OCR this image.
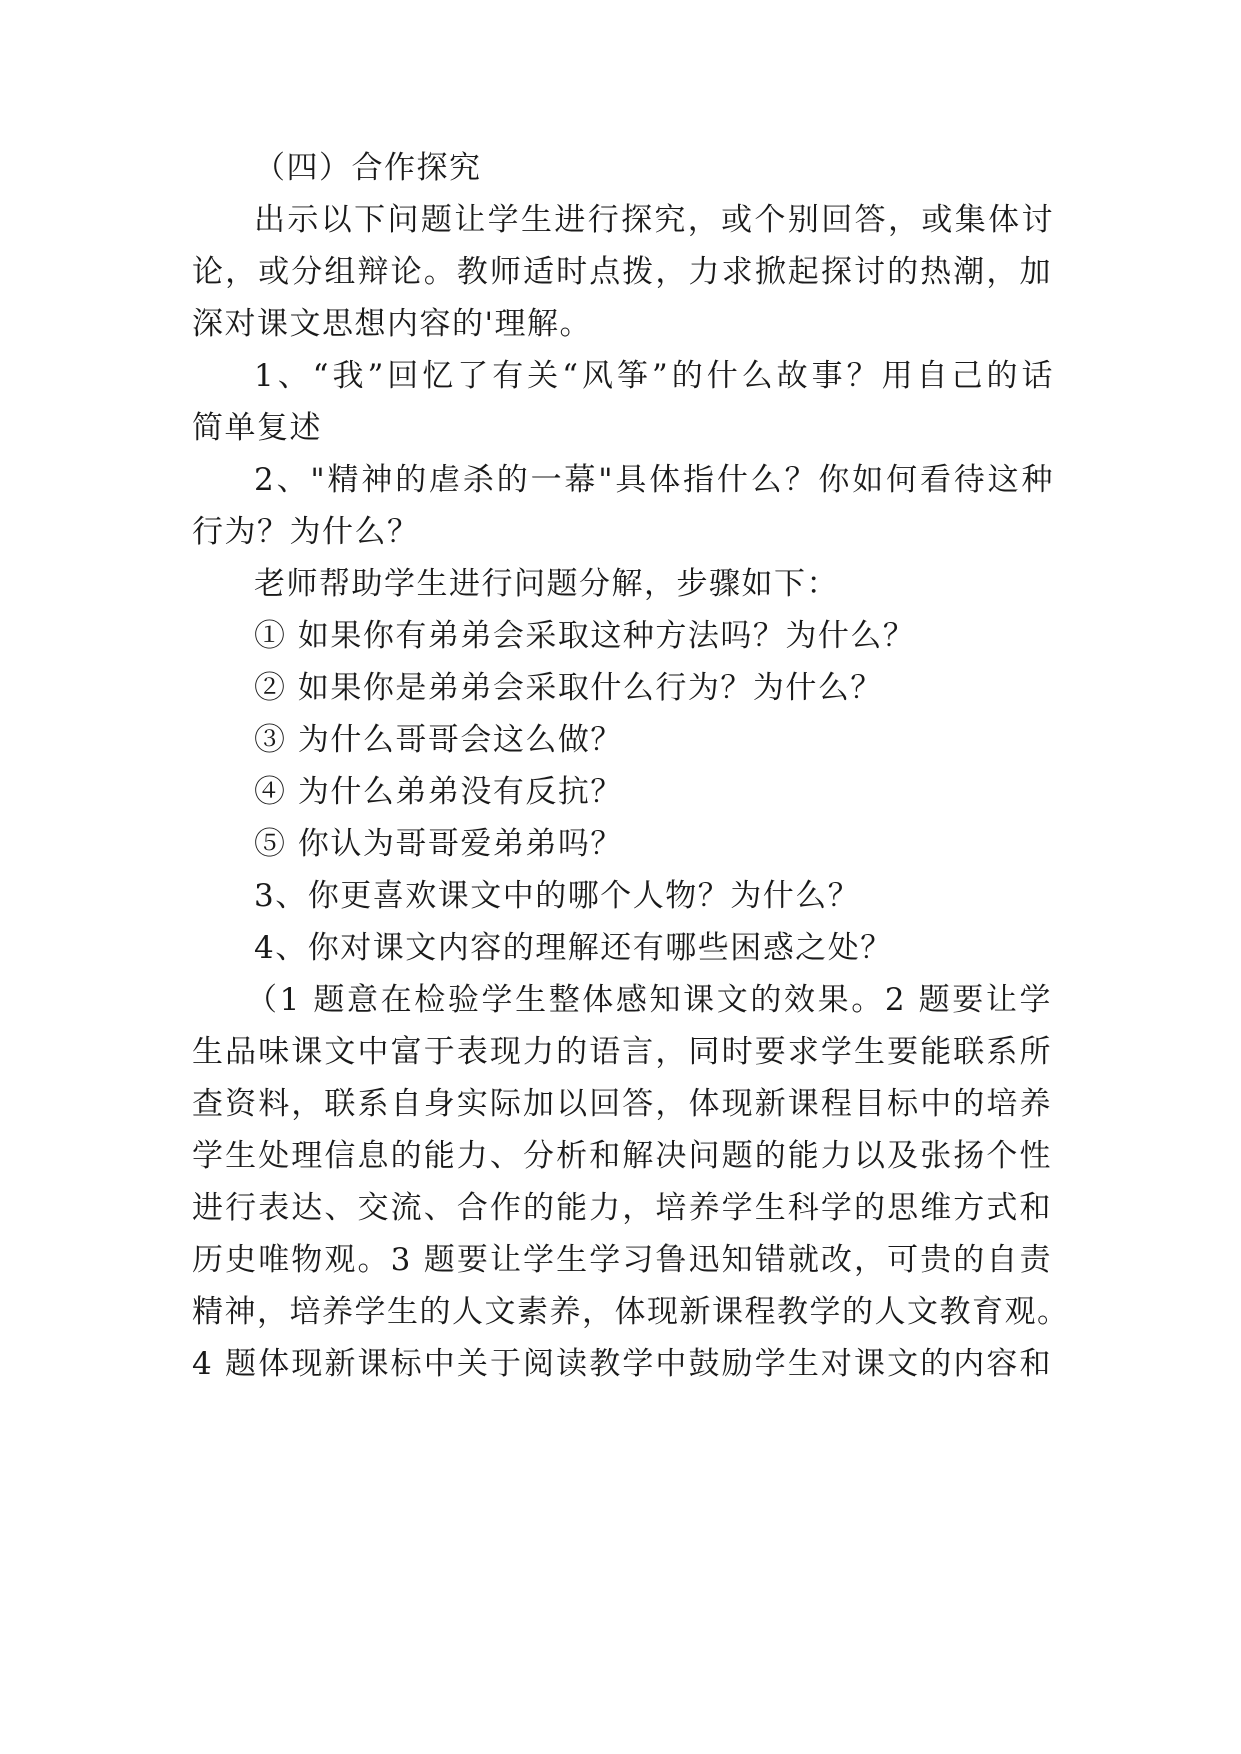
（四）合作探究
出示以下问题让学生进行探究，或个别回答，或集体讨
论，或分组辩论。教师适时点拨，力求掀起探讨的热潮，加
深对课文思想内容的'理解。
1、“我”回忆了有关“风筝”的什么故事？用自己的话
简单复述
2、"精神的虐杀的一幕"具体指什么？你如何看待这种
行为？为什么？
老师帮助学生进行问题分解，步骤如下：
① 如果你有弟弟会采取这种方法吗？为什么？
② 如果你是弟弟会采取什么行为？为什么？
③ 为什么哥哥会这么做？
④ 为什么弟弟没有反抗？
⑤ 你认为哥哥爱弟弟吗？
3、你更喜欢课文中的哪个人物？为什么？
4、你对课文内容的理解还有哪些困惑之处？
（1 题意在检验学生整体感知课文的效果。2 题要让学
生品味课文中富于表现力的语言，同时要求学生要能联系所
查资料，联系自身实际加以回答，体现新课程目标中的培养
学生处理信息的能力、分析和解决问题的能力以及张扬个性
进行表达、交流、合作的能力，培养学生科学的思维方式和
历史唯物观。3 题要让学生学习鲁迅知错就改，可贵的自责
精神，培养学生的人文素养，体现新课程教学的人文教育观。
4 题体现新课标中关于阅读教学中鼓励学生对课文的内容和
